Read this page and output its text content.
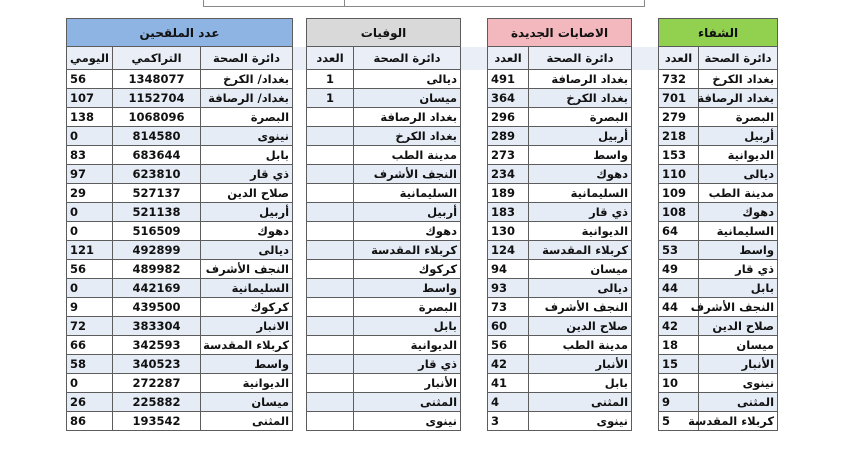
الشفاء			الاصابات الجديدة			الوفيات			عدد الملقحين		
دائرة الصحة	العدد		دائرة الصحة	العدد		دائرة الصحة	العدد		دائرة الصحة	التراكمي	اليومي
بغداد الكرخ	732		بغداد الرصافة	491		ديالى	1		بغداد/ الكرخ	1348077	56
بغداد الرصافة	701		بغداد الكرخ	364		ميسان	1		بغداد/ الرصافة	1152704	107
البصرة	279		البصرة	296		بغداد الرصافة			البصرة	1068096	138
أربيل	218		أربيل	289		بغداد الكرخ			نينوى	814580	0
الديوانية	153		واسط	273		مدينة الطب			بابل	683644	83
ديالى	110		دهوك	234		النجف الأشرف			ذي قار	623810	97
مدينة الطب	109		السليمانية	189		السليمانية			صلاح الدين	527137	29
دهوك	108		ذي قار	183		أربيل			أربيل	521138	0
السليمانية	64		الديوانية	130		دهوك			دهوك	516509	0
واسط	53		كربلاء المقدسة	124		كربلاء المقدسة			ديالى	492899	121
ذي قار	49		ميسان	94		كركوك			النجف الأشرف	489982	56
بابل	44		ديالى	93		واسط			السليمانية	442169	0
النجف الأشرف	44		النجف الأشرف	73		البصرة			كركوك	439500	9
صلاح الدين	42		صلاح الدين	60		بابل			الانبار	383304	72
ميسان	18		مدينة الطب	56		الديوانية			كربلاء المقدسة	342593	66
الأنبار	15		الأنبار	42		ذي قار			واسط	340523	58
نينوى	10		بابل	41		الأنبار			الديوانية	272287	0
المثنى	9		المثنى	4		المثنى			ميسان	225882	26
كربلاء المقدسة	5		نينوى	3		نينوى			المثنى	193542	86
